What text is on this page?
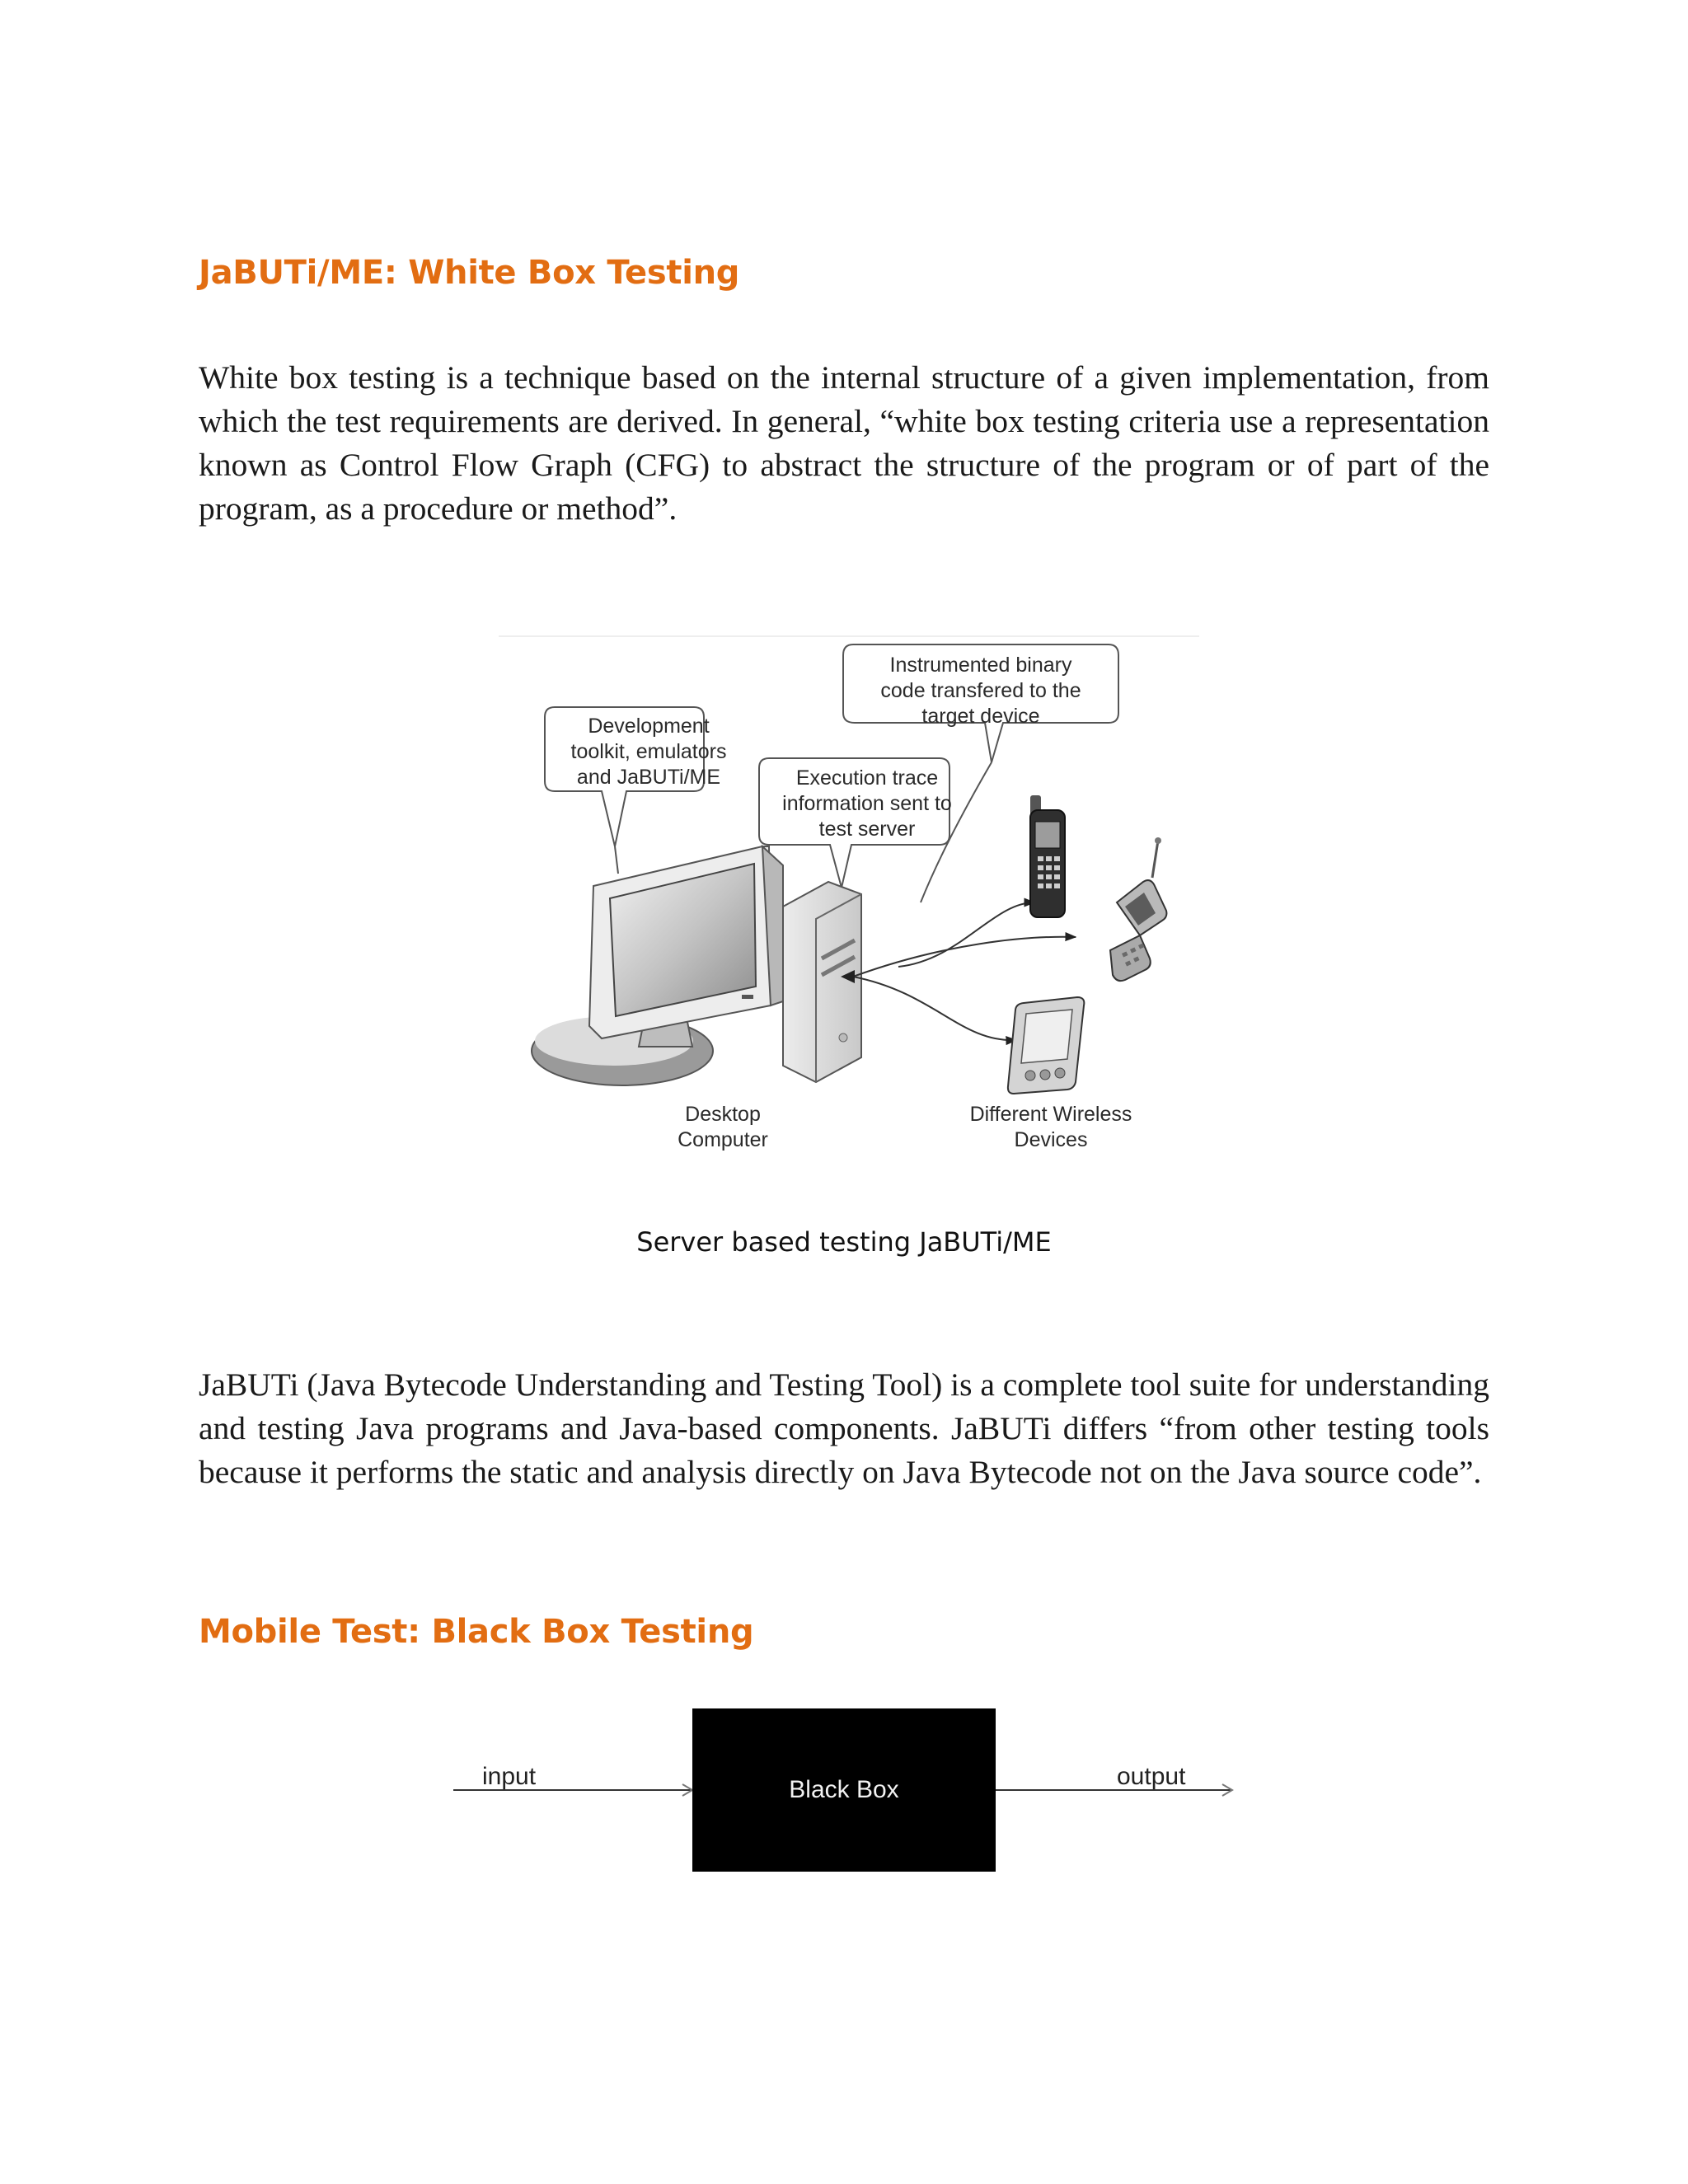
JaBUTi/ME: White Box Testing

White box testing is a technique based on the internal structure of a given implementation, from which the test requirements are derived. In general, “white box testing criteria use a representation known as Control Flow Graph (CFG) to abstract the structure of the program or of part of the program, as a procedure or method”.

Instrumented binary
code transfered to the
target device
Development
toolkit, emulators
and JaBUTi/ME	Execution trace
information sent to
test server
Desktop
Computer
Different Wireless
Devices
Server based testing JaBUTi/ME

JaBUTi (Java Bytecode Understanding and Testing Tool) is a complete tool suite for understanding and testing Java programs and Java-based components. JaBUTi differs “from other testing tools because it performs the static and analysis directly on Java Bytecode not on the Java source code”.

Mobile Test: Black Box Testing
input	Black Box	output
